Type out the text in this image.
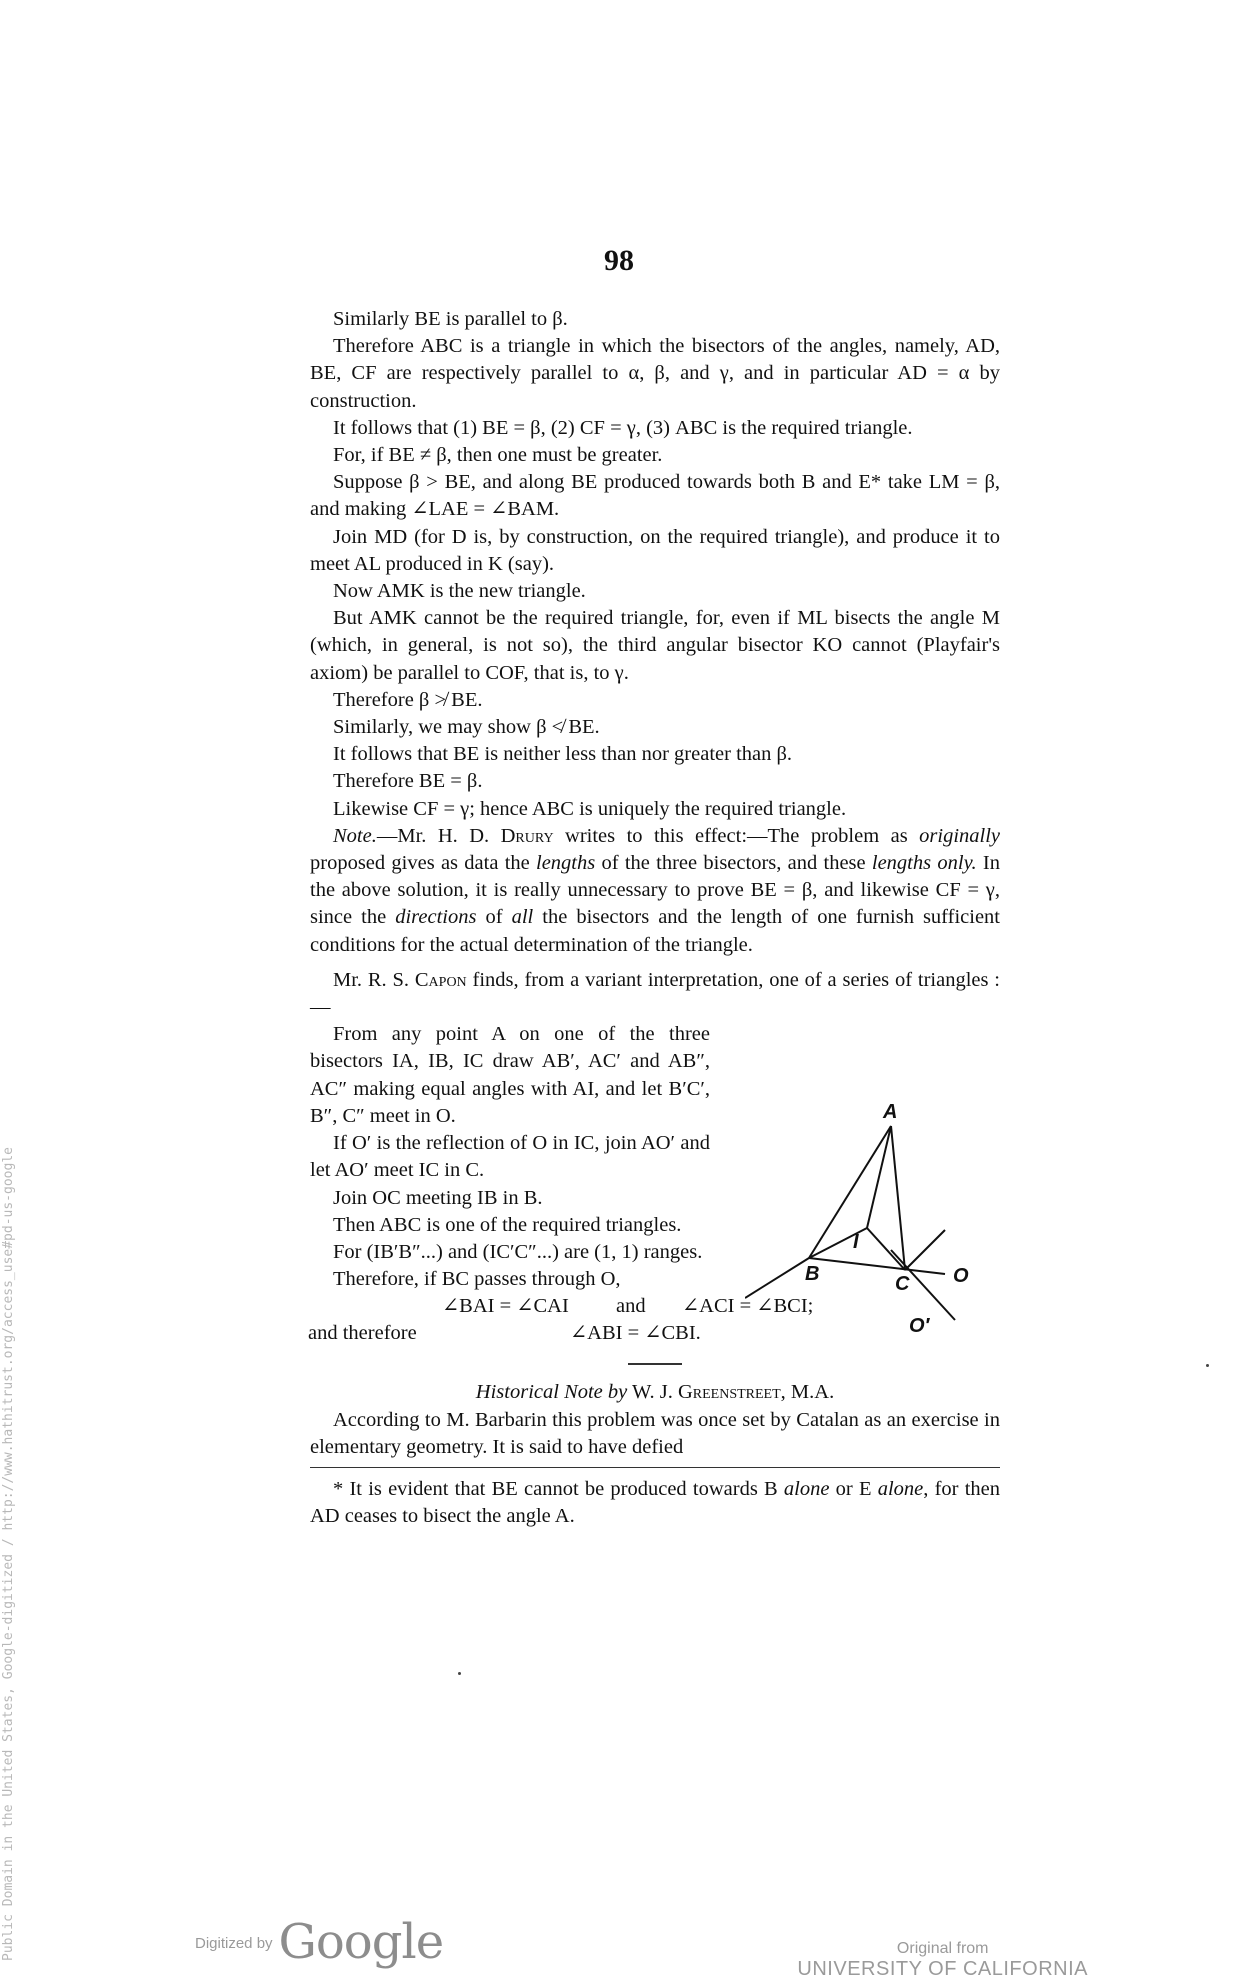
98

Similarly BE is parallel to β.

Therefore ABC is a triangle in which the bisectors of the angles, namely, AD, BE, CF are respectively parallel to α, β, and γ, and in particular AD = α by construction.

It follows that (1) BE = β, (2) CF = γ, (3) ABC is the required triangle.

For, if BE ≠ β, then one must be greater.

Suppose β > BE, and along BE produced towards both B and E* take LM = β, and making ∠LAE = ∠BAM.

Join MD (for D is, by construction, on the required triangle), and produce it to meet AL produced in K (say).

Now AMK is the new triangle.

But AMK cannot be the required triangle, for, even if ML bisects the angle M (which, in general, is not so), the third angular bisector KO cannot (Playfair's axiom) be parallel to COF, that is, to γ.

Therefore β ≯ BE.

Similarly, we may show β ≮ BE.

It follows that BE is neither less than nor greater than β.

Therefore BE = β.

Likewise CF = γ; hence ABC is uniquely the required triangle.

Note.—Mr. H. D. Drury writes to this effect:—The problem as originally proposed gives as data the lengths of the three bisectors, and these lengths only. In the above solution, it is really unnecessary to prove BE = β, and likewise CF = γ, since the directions of all the bisectors and the length of one furnish sufficient conditions for the actual determination of the triangle.

Mr. R. S. Capon finds, from a variant interpretation, one of a series of triangles :—

From any point A on one of the three bisectors IA, IB, IC draw AB′, AC′ and AB″, AC″ making equal angles with AI, and let B′C′, B″, C″ meet in O.

If O′ is the reflection of O in IC, join AO′ and let AO′ meet IC in C.

Join OC meeting IB in B.

Then ABC is one of the required triangles.

For (IB′B″...) and (IC′C″...) are (1, 1) ranges.

Therefore, if BC passes through O,

∠BAI = ∠CAI and ∠ACI = ∠BCI;
and therefore	∠ABI = ∠CBI.

Historical Note by W. J. Greenstreet, M.A.

According to M. Barbarin this problem was once set by Catalan as an exercise in elementary geometry. It is said to have defied

* It is evident that BE cannot be produced towards B alone or E alone, for then AD ceases to bisect the angle A.

A
I
B	C O
O′
Public Domain in the United States, Google-digitized / http://www.hathitrust.org/access_use#pd-us-google	Digitized by Google	Original from
UNIVERSITY OF CALIFORNIA
